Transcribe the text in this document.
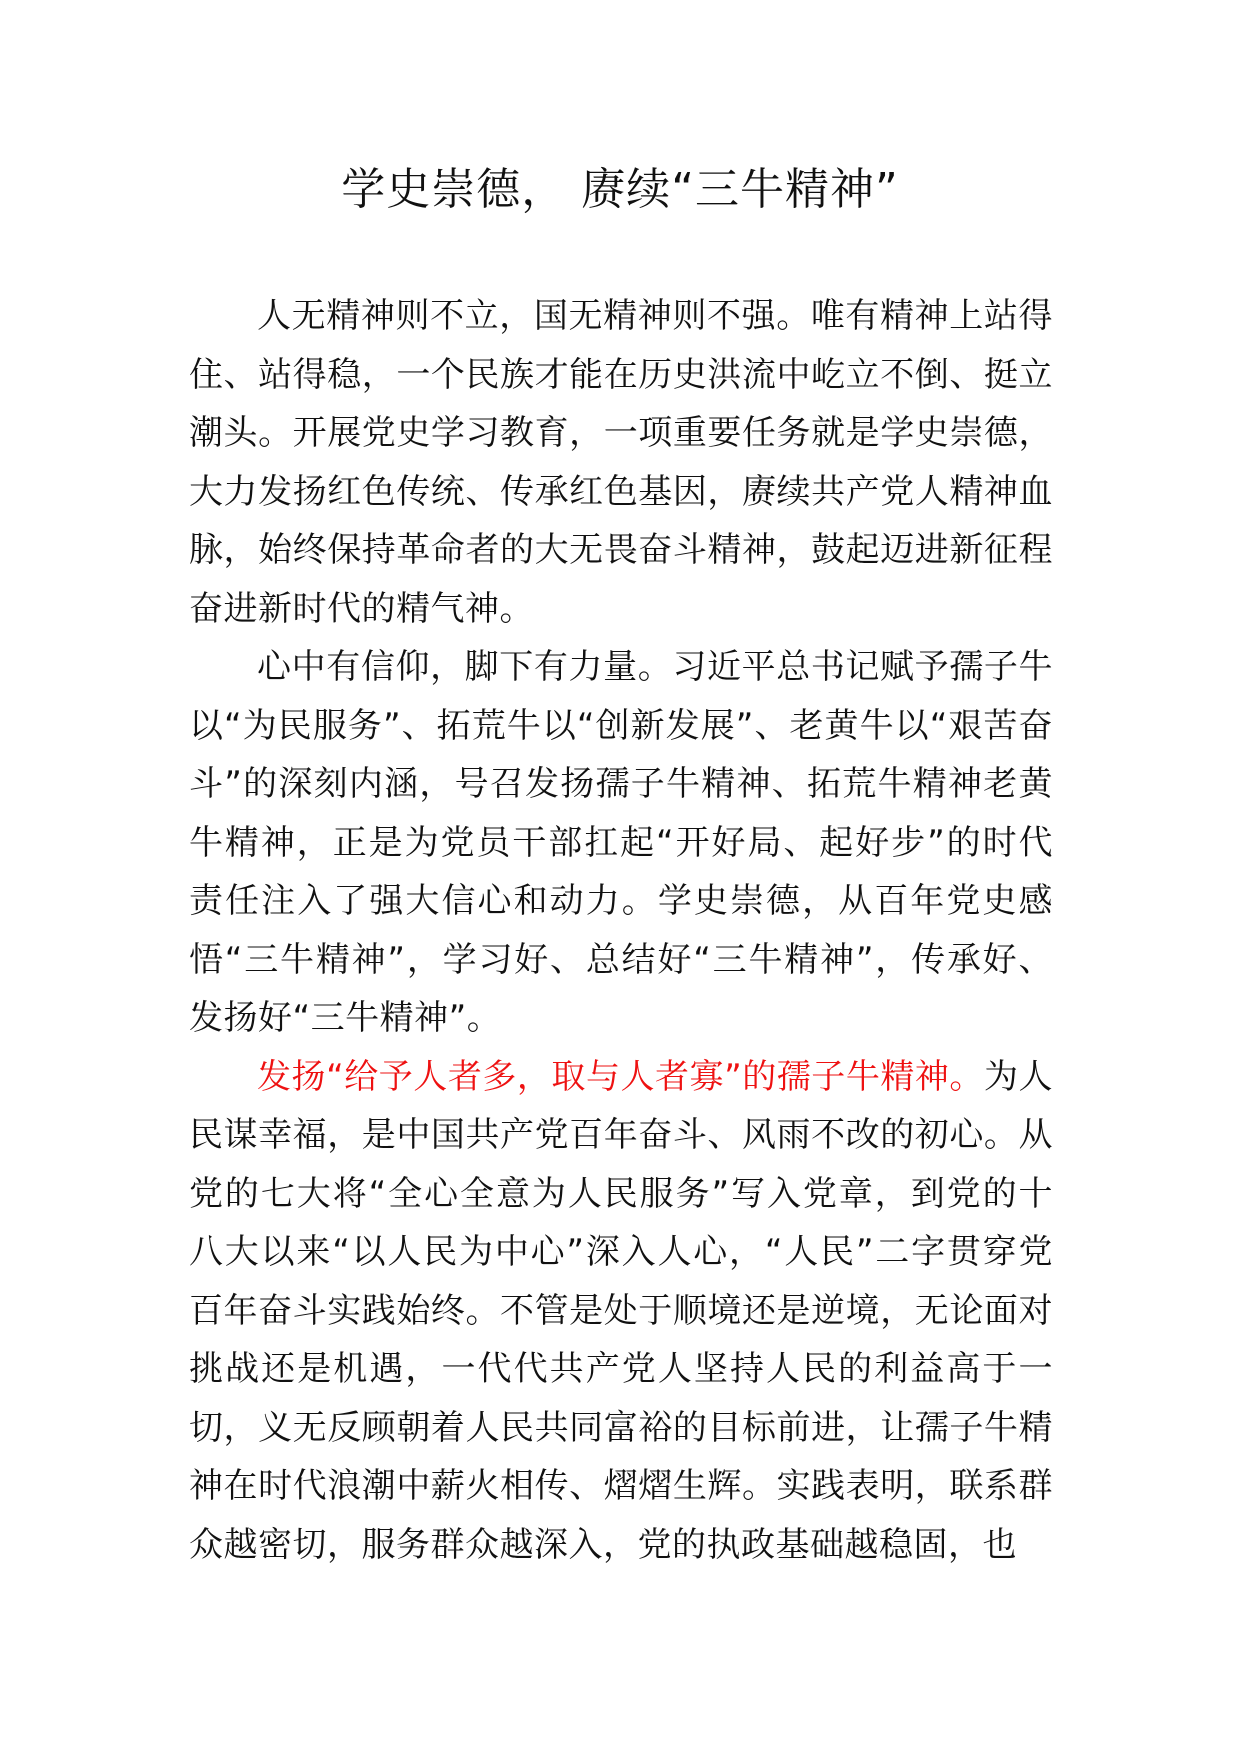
学史崇德， 赓续“三牛精神”

人无精神则不立，国无精神则不强。唯有精神上站得住、站得稳，一个民族才能在历史洪流中屹立不倒、挺立潮头。开展党史学习教育，一项重要任务就是学史崇德，大力发扬红色传统、传承红色基因，赓续共产党人精神血脉，始终保持革命者的大无畏奋斗精神，鼓起迈进新征程奋进新时代的精气神。

心中有信仰，脚下有力量。习近平总书记赋予孺子牛以“为民服务”、拓荒牛以“创新发展”、老黄牛以“艰苦奋斗”的深刻内涵，号召发扬孺子牛精神、拓荒牛精神老黄牛精神，正是为党员干部扛起“开好局、起好步”的时代责任注入了强大信心和动力。学史崇德，从百年党史感悟“三牛精神”，学习好、总结好“三牛精神”，传承好、发扬好“三牛精神”。

发扬“给予人者多，取与人者寡”的孺子牛精神。为人民谋幸福，是中国共产党百年奋斗、风雨不改的初心。从党的七大将“全心全意为人民服务”写入党章，到党的十八大以来“以人民为中心”深入人心，“人民”二字贯穿党百年奋斗实践始终。不管是处于顺境还是逆境，无论面对挑战还是机遇，一代代共产党人坚持人民的利益高于一切，义无反顾朝着人民共同富裕的目标前进，让孺子牛精神在时代浪潮中薪火相传、熠熠生辉。实践表明，联系群众越密切，服务群众越深入，党的执政基础越稳固，也
